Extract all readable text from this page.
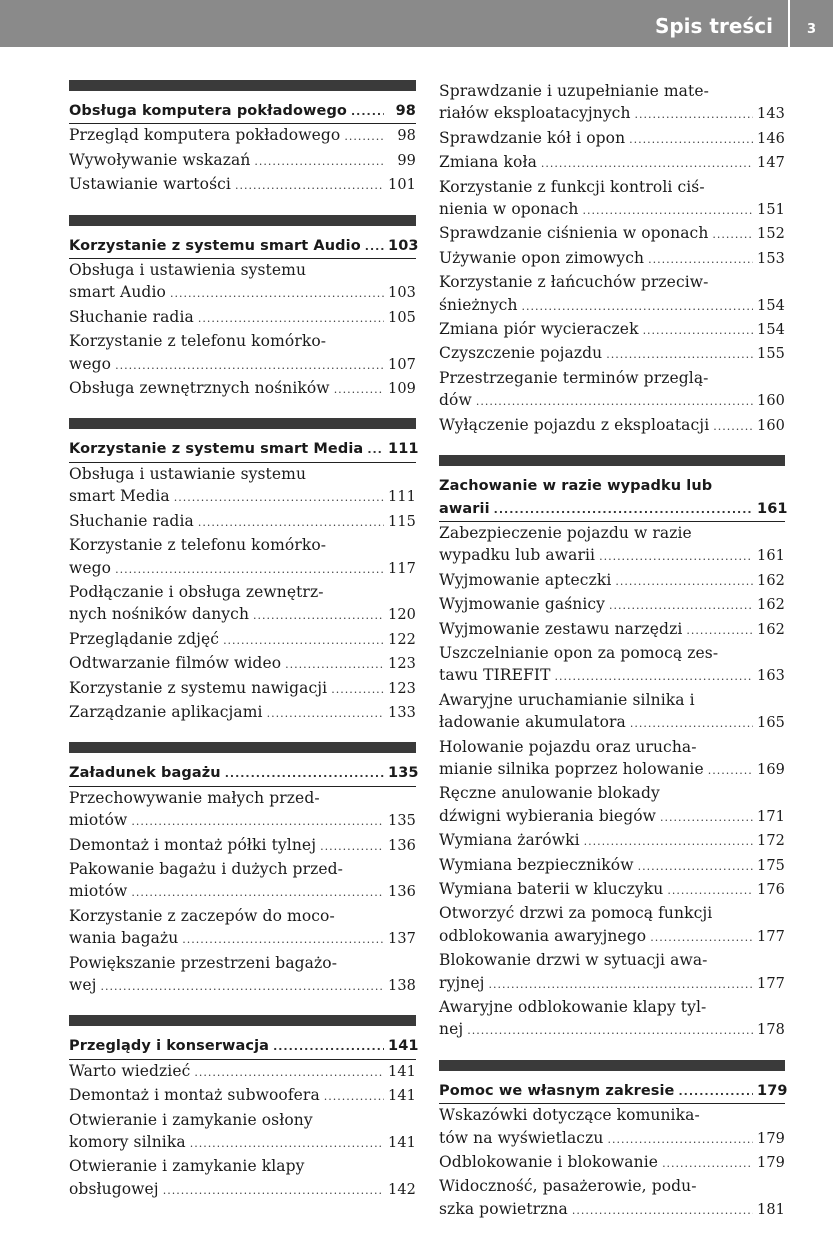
Spis treści	3
Obsługa komputera pokładowego .....	98
Przegląd komputera pokładowego .....	98
Wywoływanie wskazań .....	99
Ustawianie wartości .....	101
Korzystanie z systemu smart Audio ..... 103
Obsługa i ustawienia systemu
smart Audio .....	103
Słuchanie radia .....	105
Korzystanie z telefonu komórko-
wego .....	107
Obsługa zewnętrznych nośników .....	109
Korzystanie z systemu smart Media ..... 111
Obsługa i ustawianie systemu
smart Media .....	111
Słuchanie radia .....	115
Korzystanie z telefonu komórko-
wego .....	117
Podłączanie i obsługa zewnętrz-
nych nośników danych .....	120
Przeglądanie zdjęć .....	122
Odtwarzanie filmów wideo .....	123
Korzystanie z systemu nawigacji .....	123
Zarządzanie aplikacjami .....	133
Załadunek bagażu .....	135
Przechowywanie małych przed-
miotów .....	135
Demontaż i montaż półki tylnej .....	136
Pakowanie bagażu i dużych przed-
miotów .....	136
Korzystanie z zaczepów do moco-
wania bagażu .....	137
Powiększanie przestrzeni bagażo-
wej .....	138
Przeglądy i konserwacja .....	141
Warto wiedzieć .....	141
Demontaż i montaż subwoofera .....	141
Otwieranie i zamykanie osłony
komory silnika .....	141
Otwieranie i zamykanie klapy
obsługowej .....	142
Sprawdzanie i uzupełnianie mate-
riałów eksploatacyjnych .....	143
Sprawdzanie kół i opon .....	146
Zmiana koła .....	147
Korzystanie z funkcji kontroli ciś-
nienia w oponach .....	151
Sprawdzanie ciśnienia w oponach .....	152
Używanie opon zimowych .....	153
Korzystanie z łańcuchów przeciw-
śnieżnych .....	154
Zmiana piór wycieraczek .....	154
Czyszczenie pojazdu .....	155
Przestrzeganie terminów przeglą-
dów .....	160
Wyłączenie pojazdu z eksploatacji .....	160
Zachowanie w razie wypadku lub
awarii .....	161
Zabezpieczenie pojazdu w razie
wypadku lub awarii .....	161
Wyjmowanie apteczki .....	162
Wyjmowanie gaśnicy .....	162
Wyjmowanie zestawu narzędzi .....	162
Uszczelnianie opon za pomocą zes-
tawu TIREFIT .....	163
Awaryjne uruchamianie silnika i
ładowanie akumulatora .....	165
Holowanie pojazdu oraz urucha-
mianie silnika poprzez holowanie .....	169
Ręczne anulowanie blokady
dźwigni wybierania biegów .....	171
Wymiana żarówki .....	172
Wymiana bezpieczników .....	175
Wymiana baterii w kluczyku .....	176
Otworzyć drzwi za pomocą funkcji
odblokowania awaryjnego .....	177
Blokowanie drzwi w sytuacji awa-
ryjnej .....	177
Awaryjne odblokowanie klapy tyl-
nej .....	178
Pomoc we własnym zakresie .....	179
Wskazówki dotyczące komunika-
tów na wyświetlaczu .....	179
Odblokowanie i blokowanie .....	179
Widoczność, pasażerowie, podu-
szka powietrzna .....	181
